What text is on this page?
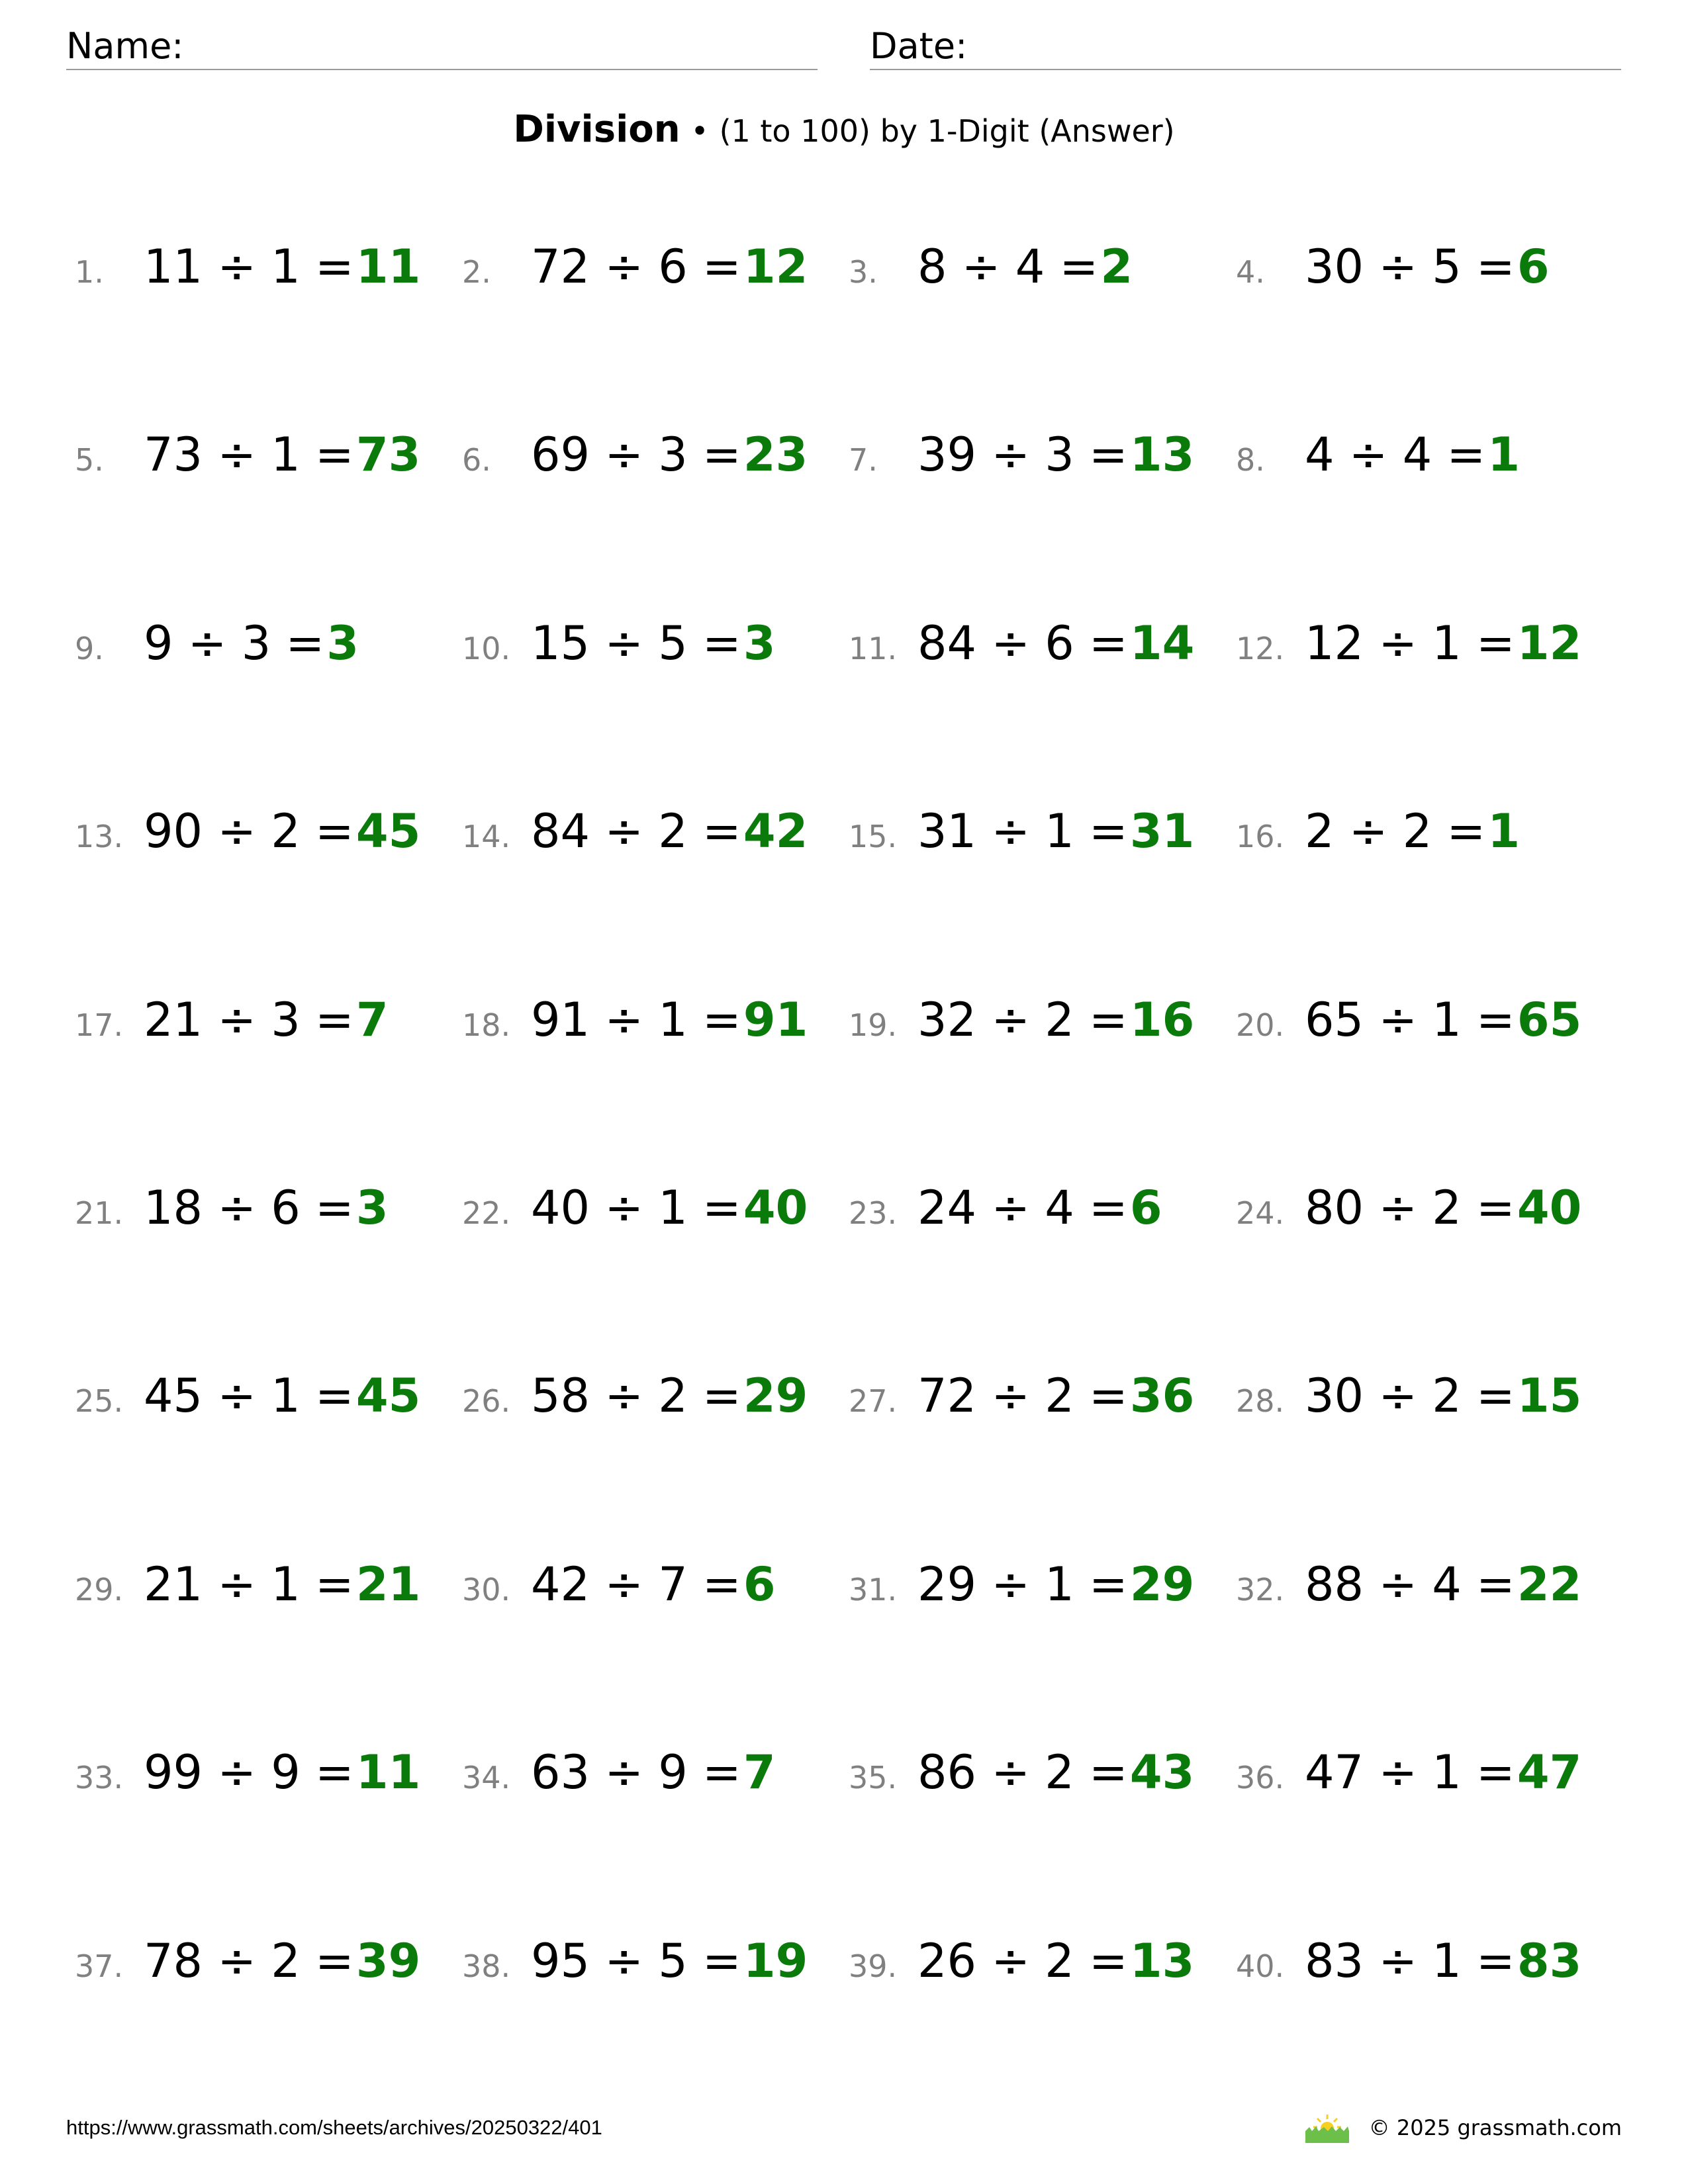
Name:	Date:
Division • (1 to 100) by 1-Digit (Answer)
1. 11 ÷ 1 = 11 2. 72 ÷ 6 = 12 3. 8 ÷ 4 = 2	4. 30 ÷ 5 = 6
5. 73 ÷ 1 = 73 6. 69 ÷ 3 = 23 7. 39 ÷ 3 = 13 8. 4 ÷ 4 = 1
9. 9 ÷ 3 = 3	10. 15 ÷ 5 = 3 11. 84 ÷ 6 = 14 12. 12 ÷ 1 = 12
13. 90 ÷ 2 = 45 14. 84 ÷ 2 = 42 15. 31 ÷ 1 = 31 16. 2 ÷ 2 = 1
17. 21 ÷ 3 = 7 18. 91 ÷ 1 = 91 19. 32 ÷ 2 = 16 20. 65 ÷ 1 = 65
21. 18 ÷ 6 = 3 22. 40 ÷ 1 = 40 23. 24 ÷ 4 = 6 24. 80 ÷ 2 = 40
25. 45 ÷ 1 = 45 26. 58 ÷ 2 = 29 27. 72 ÷ 2 = 36 28. 30 ÷ 2 = 15
29. 21 ÷ 1 = 21 30. 42 ÷ 7 = 6 31. 29 ÷ 1 = 29 32. 88 ÷ 4 = 22
33. 99 ÷ 9 = 11 34. 63 ÷ 9 = 7 35. 86 ÷ 2 = 43 36. 47 ÷ 1 = 47
37. 78 ÷ 2 = 39 38. 95 ÷ 5 = 19 39. 26 ÷ 2 = 13 40. 83 ÷ 1 = 83
https://www.grassmath.com/sheets/archives/20250322/401	© 2025 grassmath.com
